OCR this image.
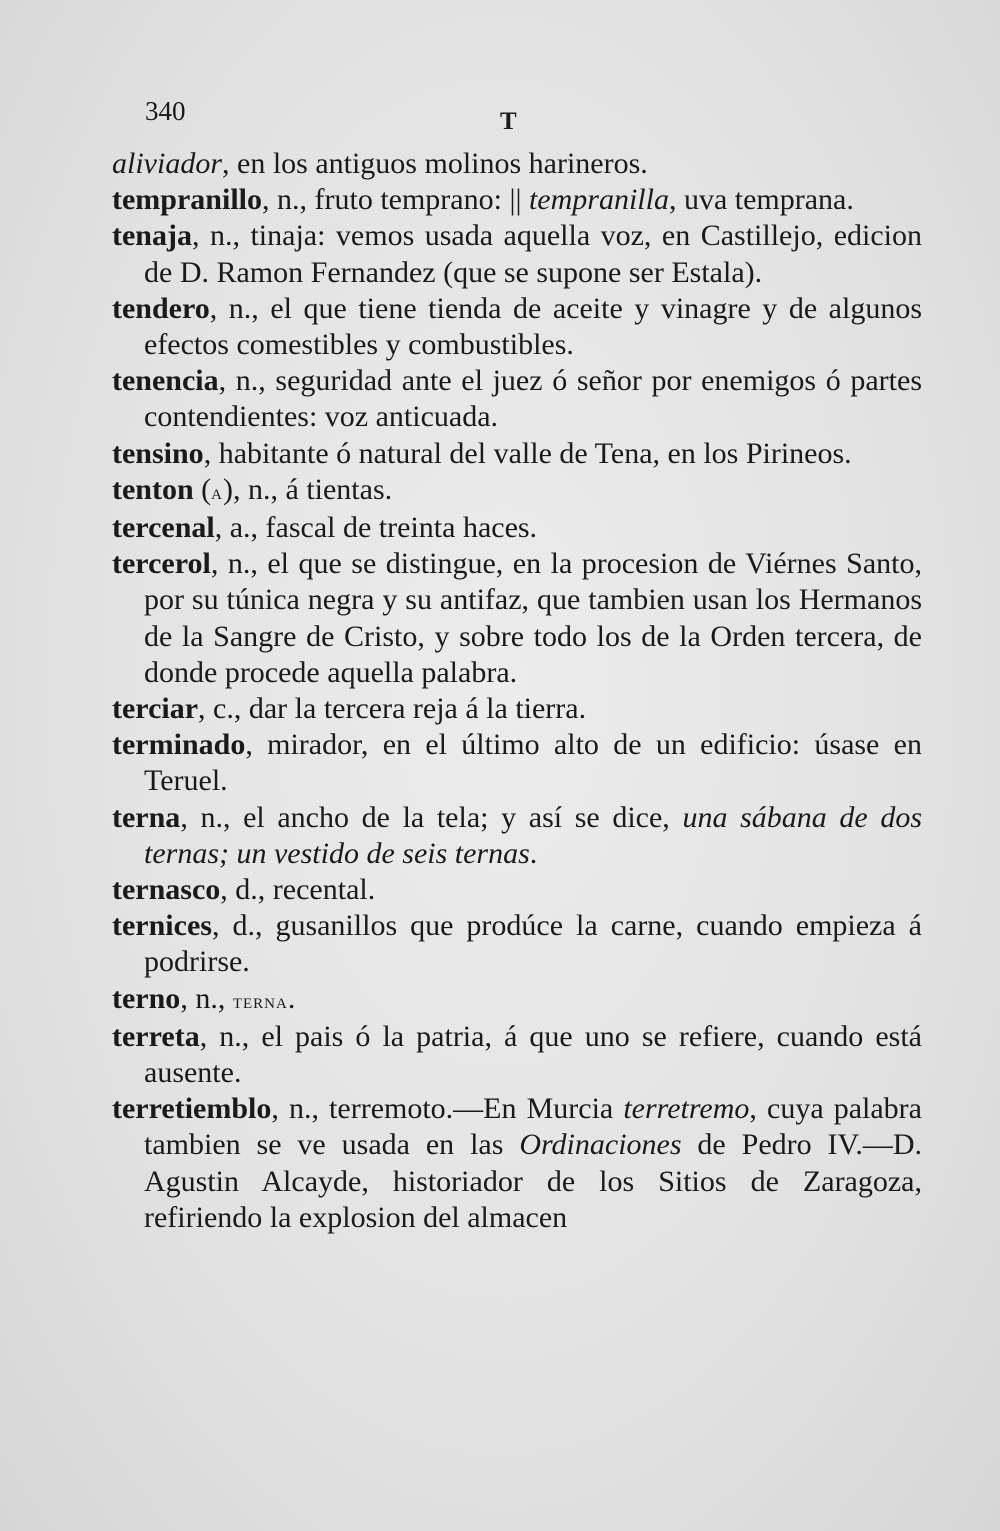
340	T

aliviador, en los antiguos molinos harineros.

tempranillo, n., fruto temprano: || tempranilla, uva temprana.

tenaja, n., tinaja: vemos usada aquella voz, en Castillejo, edicion de D. Ramon Fernandez (que se supone ser Estala).

tendero, n., el que tiene tienda de aceite y vinagre y de algunos efectos comestibles y combustibles.

tenencia, n., seguridad ante el juez ó señor por enemigos ó partes contendientes: voz anticuada.

tensino, habitante ó natural del valle de Tena, en los Pirineos.

tenton (a), n., á tientas.

tercenal, a., fascal de treinta haces.

tercerol, n., el que se distingue, en la procesion de Viérnes Santo, por su túnica negra y su antifaz, que tambien usan los Hermanos de la Sangre de Cristo, y sobre todo los de la Orden tercera, de donde procede aquella palabra.

terciar, c., dar la tercera reja á la tierra.

terminado, mirador, en el último alto de un edificio: úsase en Teruel.

terna, n., el ancho de la tela; y así se dice, una sábana de dos ternas; un vestido de seis ternas.

ternasco, d., recental.

ternices, d., gusanillos que prodúce la carne, cuando empieza á podrirse.

terno, n., terna.

terreta, n., el pais ó la patria, á que uno se refiere, cuando está ausente.

terretiemblo, n., terremoto.—En Murcia terretremo, cuya palabra tambien se ve usada en las Ordinaciones de Pedro IV.—D. Agustin Alcayde, historiador de los Sitios de Zaragoza, refiriendo la explosion del almacen
